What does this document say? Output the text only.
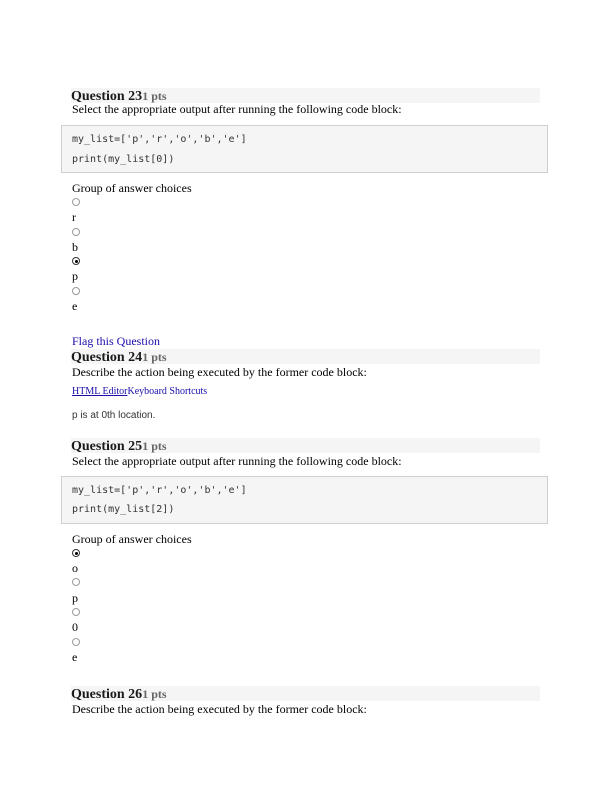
Question 231 pts
Select the appropriate output after running the following code block:
my_list=['p','r','o','b','e']
print(my_list[0])
Group of answer choices
r
b
p
e
Flag this Question
Question 241 pts
Describe the action being executed by the former code block:
HTML EditorKeyboard Shortcuts
p is at 0th location.
Question 251 pts
Select the appropriate output after running the following code block:
my_list=['p','r','o','b','e']
print(my_list[2])
Group of answer choices
o
p
0
e
Question 261 pts
Describe the action being executed by the former code block:
